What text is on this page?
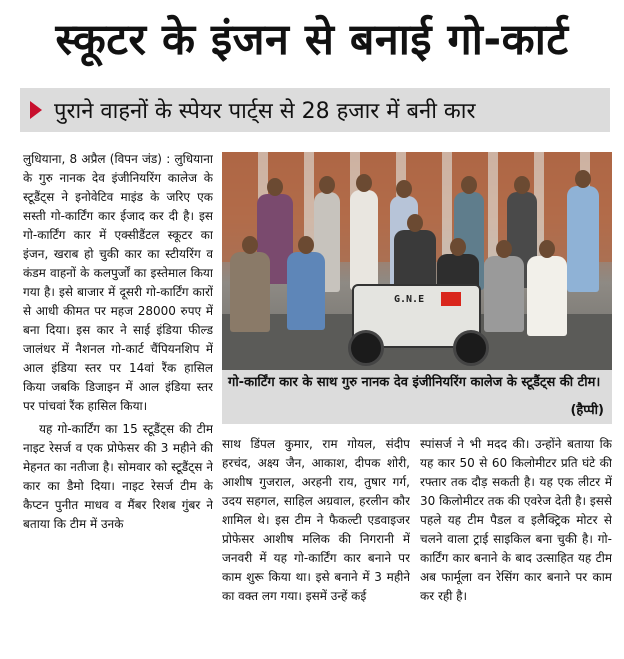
स्कूटर के इंजन से बनाई गो-कार्ट
पुराने वाहनों के स्पेयर पार्ट्स से 28 हजार में बनी कार

लुधियाना, 8 अप्रैल (विपन जंड) : लुधियाना के गुरु नानक देव इंजीनियरिंग कालेज के स्टूडैंट्स ने इनोवेटिव माइंड के जरिए एक सस्ती गो-कार्टिंग कार ईजाद कर दी है। इस गो-कार्टिंग कार में एक्सीडैंटल स्कूटर का इंजन, खराब हो चुकी कार का स्टीयरिंग व कंडम वाहनों के कलपुर्जों का इस्तेमाल किया गया है। इसे बाजार में दूसरी गो-कार्टिंग कारों से आधी कीमत पर महज 28000 रुपए में बना दिया। इस कार ने साई इंडिया फील्ड जालंधर में नैशनल गो-कार्ट चैंपियनशिप में आल इंडिया स्तर पर 14वां रैंक हासिल किया जबकि डिजाइन में आल इंडिया स्तर पर पांचवां रैंक हासिल किया।

यह गो-कार्टिंग का 15 स्टूडैंट्स की टीम नाइट रेसर्ज व एक प्रोफेसर की 3 महीने की मेहनत का नतीजा है। सोमवार को स्टूडैंट्स ने कार का डैमो दिया। नाइट रेसर्ज टीम के कैप्टन पुनीत माधव व मैंबर रिशब गुंबर ने बताया कि टीम में उनके

G.N.E
गो-कार्टिंग कार के साथ गुरु नानक देव इंजीनियरिंग कालेज के स्टूडैंट्स की टीम।
(हैप्पी)

साथ डिंपल कुमार, राम गोयल, संदीप हरचंद, अक्ष्य जैन, आकाश, दीपक शोरी, आशीष गुजराल, अरहनी राय, तुषार गर्ग, उदय सहगल, साहिल अग्रवाल, हरलीन कौर शामिल थे। इस टीम ने फैकल्टी एडवाइजर प्रोफेसर आशीष मलिक की निगरानी में जनवरी में यह गो-कार्टिंग कार बनाने पर काम शुरू किया था। इसे बनाने में 3 महीने का वक्त लग गया। इसमें उन्हें कई

स्पांसर्ज ने भी मदद की। उन्होंने बताया कि यह कार 50 से 60 किलोमीटर प्रति घंटे की रफ्तार तक दौड़ सकती है। यह एक लीटर में 30 किलोमीटर तक की एवरेज देती है। इससे पहले यह टीम पैडल व इलैक्ट्रिक मोटर से चलने वाला ट्राई साइकिल बना चुकी है। गो-कार्टिंग कार बनाने के बाद उत्साहित यह टीम अब फार्मूला वन रेसिंग कार बनाने पर काम कर रही है।
